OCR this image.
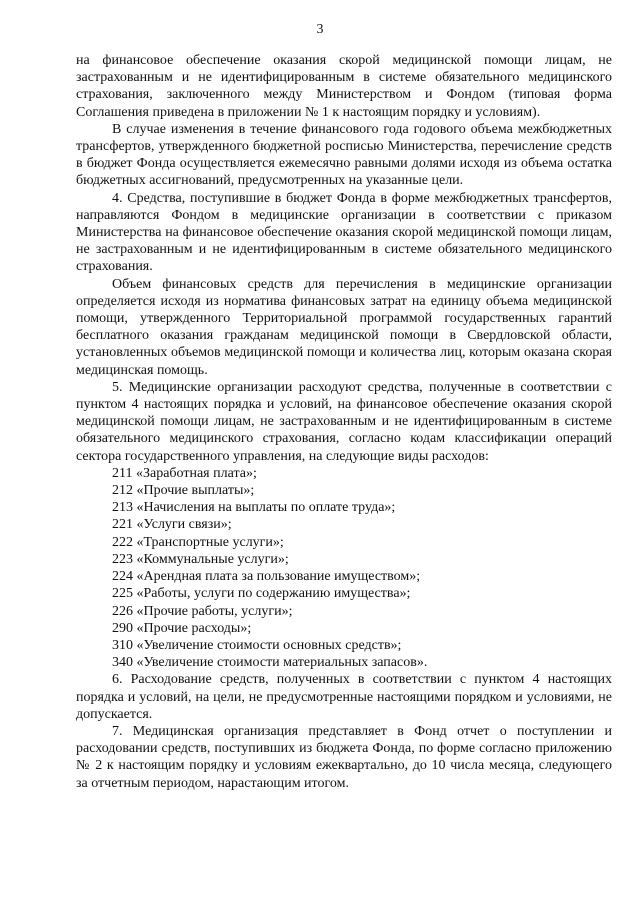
3

на финансовое обеспечение оказания скорой медицинской помощи лицам, не застрахованным и не идентифицированным в системе обязательного медицинского страхования, заключенного между Министерством и Фондом (типовая форма Соглашения приведена в приложении № 1 к настоящим порядку и условиям).

В случае изменения в течение финансового года годового объема межбюджетных трансфертов, утвержденного бюджетной росписью Министерства, перечисление средств в бюджет Фонда осуществляется ежемесячно равными долями исходя из объема остатка бюджетных ассигнований, предусмотренных на указанные цели.

4. Средства, поступившие в бюджет Фонда в форме межбюджетных трансфертов, направляются Фондом в медицинские организации в соответствии с приказом Министерства на финансовое обеспечение оказания скорой медицинской помощи лицам, не застрахованным и не идентифицированным в системе обязательного медицинского страхования.

Объем финансовых средств для перечисления в медицинские организации определяется исходя из норматива финансовых затрат на единицу объема медицинской помощи, утвержденного Территориальной программой государственных гарантий бесплатного оказания гражданам медицинской помощи в Свердловской области, установленных объемов медицинской помощи и количества лиц, которым оказана скорая медицинская помощь.

5. Медицинские организации расходуют средства, полученные в соответствии с пунктом 4 настоящих порядка и условий, на финансовое обеспечение оказания скорой медицинской помощи лицам, не застрахованным и не идентифицированным в системе обязательного медицинского страхования, согласно кодам классификации операций сектора государственного управления, на следующие виды расходов:

211 «Заработная плата»;
212 «Прочие выплаты»;
213 «Начисления на выплаты по оплате труда»;
221 «Услуги связи»;
222 «Транспортные услуги»;
223 «Коммунальные услуги»;
224 «Арендная плата за пользование имуществом»;
225 «Работы, услуги по содержанию имущества»;
226 «Прочие работы, услуги»;
290 «Прочие расходы»;
310 «Увеличение стоимости основных средств»;
340 «Увеличение стоимости материальных запасов».

6. Расходование средств, полученных в соответствии с пунктом 4 настоящих порядка и условий, на цели, не предусмотренные настоящими порядком и условиями, не допускается.

7. Медицинская организация представляет в Фонд отчет о поступлении и расходовании средств, поступивших из бюджета Фонда, по форме согласно приложению № 2 к настоящим порядку и условиям ежеквартально, до 10 числа месяца, следующего за отчетным периодом, нарастающим итогом.
